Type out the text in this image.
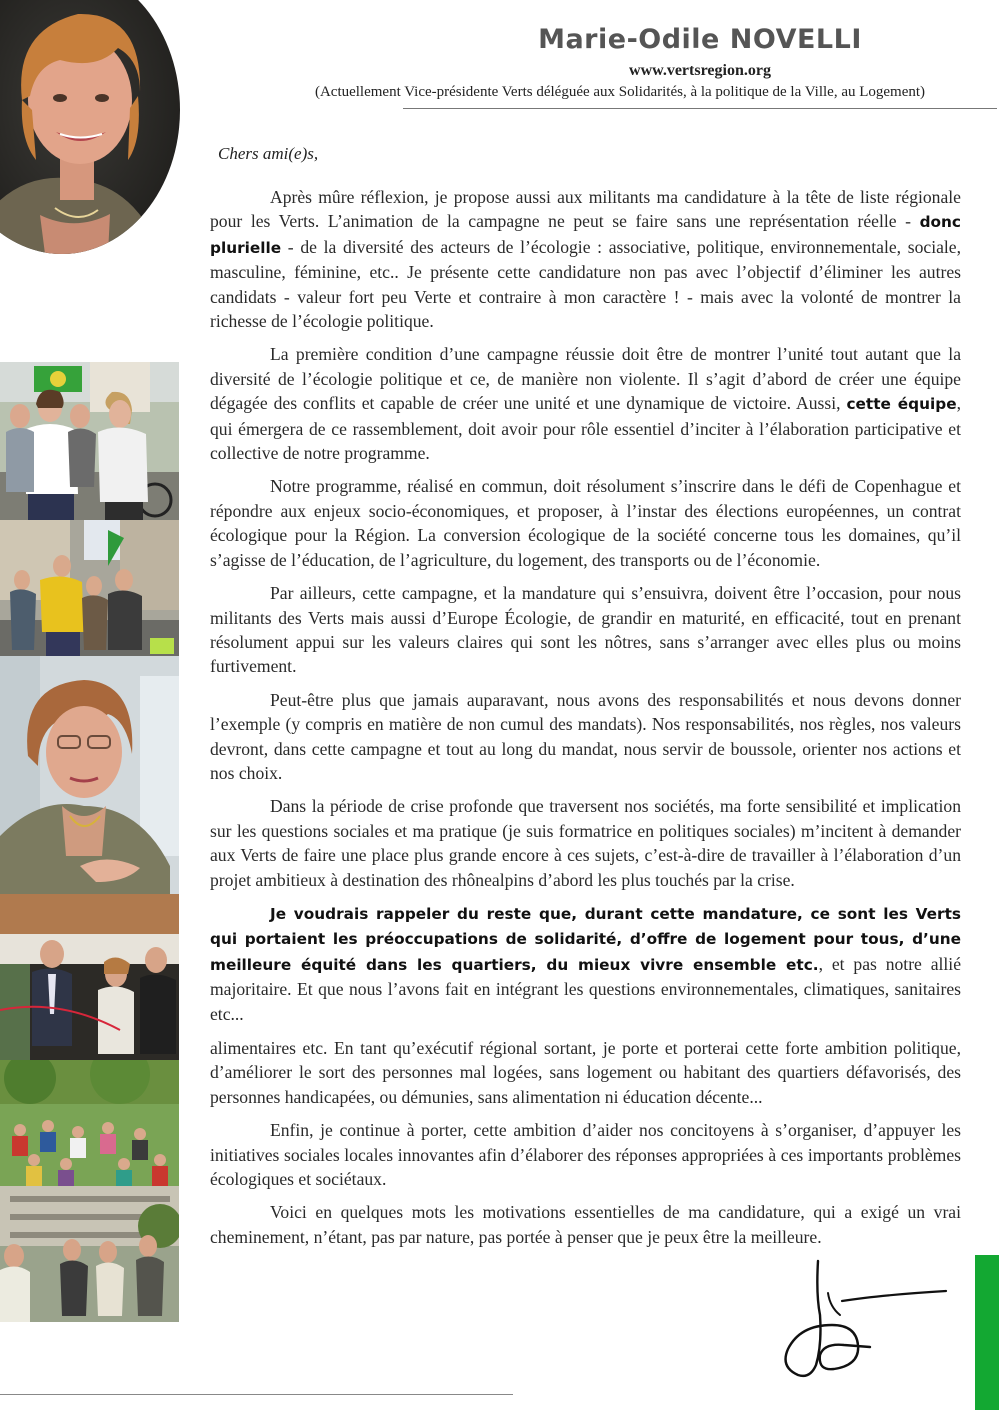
Marie-Odile NOVELLI
www.vertsregion.org
(Actuellement Vice-présidente Verts déléguée aux Solidarités, à la politique de la Ville, au Logement)

Chers ami(e)s,

Après mûre réflexion, je propose aussi aux militants ma candidature à la tête de liste régionale pour les Verts. L’animation de la campagne ne peut se faire sans une représentation réelle - donc plurielle - de la diversité des acteurs de l’écologie : associative, politique, environnementale, sociale, masculine, féminine, etc.. Je présente cette candidature non pas avec l’objectif d’éliminer les autres candidats - valeur fort peu Verte et contraire à mon caractère ! - mais avec la volonté de montrer la richesse de l’écologie politique.

La première condition d’une campagne réussie doit être de montrer l’unité tout autant que la diversité de l’écologie politique et ce, de manière non violente. Il s’agit d’abord de créer une équipe dégagée des conflits et capable de créer une unité et une dynamique de victoire. Aussi, cette équipe, qui émergera de ce rassemblement, doit avoir pour rôle essentiel d’inciter à l’élaboration participative et collective de notre programme.

Notre programme, réalisé en commun, doit résolument s’inscrire dans le défi de Copenhague et répondre aux enjeux socio-économiques, et proposer, à l’instar des élections européennes, un contrat écologique pour la Région. La conversion écologique de la société concerne tous les domaines, qu’il s’agisse de l’éducation, de l’agriculture, du logement, des transports ou de l’économie.

Par ailleurs, cette campagne, et la mandature qui s’ensuivra, doivent être l’occasion, pour nous militants des Verts mais aussi d’Europe Écologie, de grandir en maturité, en efficacité, tout en prenant résolument appui sur les valeurs claires qui sont les nôtres, sans s’arranger avec elles plus ou moins furtivement.

Peut-être plus que jamais auparavant, nous avons des responsabilités et nous devons donner l’exemple (y compris en matière de non cumul des mandats). Nos responsabilités, nos règles, nos valeurs devront, dans cette campagne et tout au long du mandat, nous servir de boussole, orienter nos actions et nos choix.

Dans la période de crise profonde que traversent nos sociétés, ma forte sensibilité et implication sur les questions sociales et ma pratique (je suis formatrice en politiques sociales) m’incitent à demander aux Verts de faire une place plus grande encore à ces sujets, c’est-à-dire de travailler à l’élaboration d’un projet ambitieux à destination des rhônealpins d’abord les plus touchés par la crise.

Je voudrais rappeler du reste que, durant cette mandature, ce sont les Verts qui portaient les préoccupations de solidarité, d’offre de logement pour tous, d’une meilleure équité dans les quartiers, du mieux vivre ensemble etc., et pas notre allié majoritaire. Et que nous l’avons fait en intégrant les questions environnementales, climatiques, sanitaires etc...

alimentaires etc. En tant qu’exécutif régional sortant, je porte et porterai cette forte ambition politique, d’améliorer le sort des personnes mal logées, sans logement ou habitant des quartiers défavorisés, des personnes handicapées, ou démunies, sans alimentation ni éducation décente...

Enfin, je continue à porter, cette ambition d’aider nos concitoyens à s’organiser, d’appuyer les initiatives sociales locales innovantes afin d’élaborer des réponses appropriées à ces importants problèmes écologiques et sociétaux.

Voici en quelques mots les motivations essentielles de ma candidature, qui a exigé un vrai cheminement, n’étant, pas par nature, pas portée à penser que je peux être la meilleure.
